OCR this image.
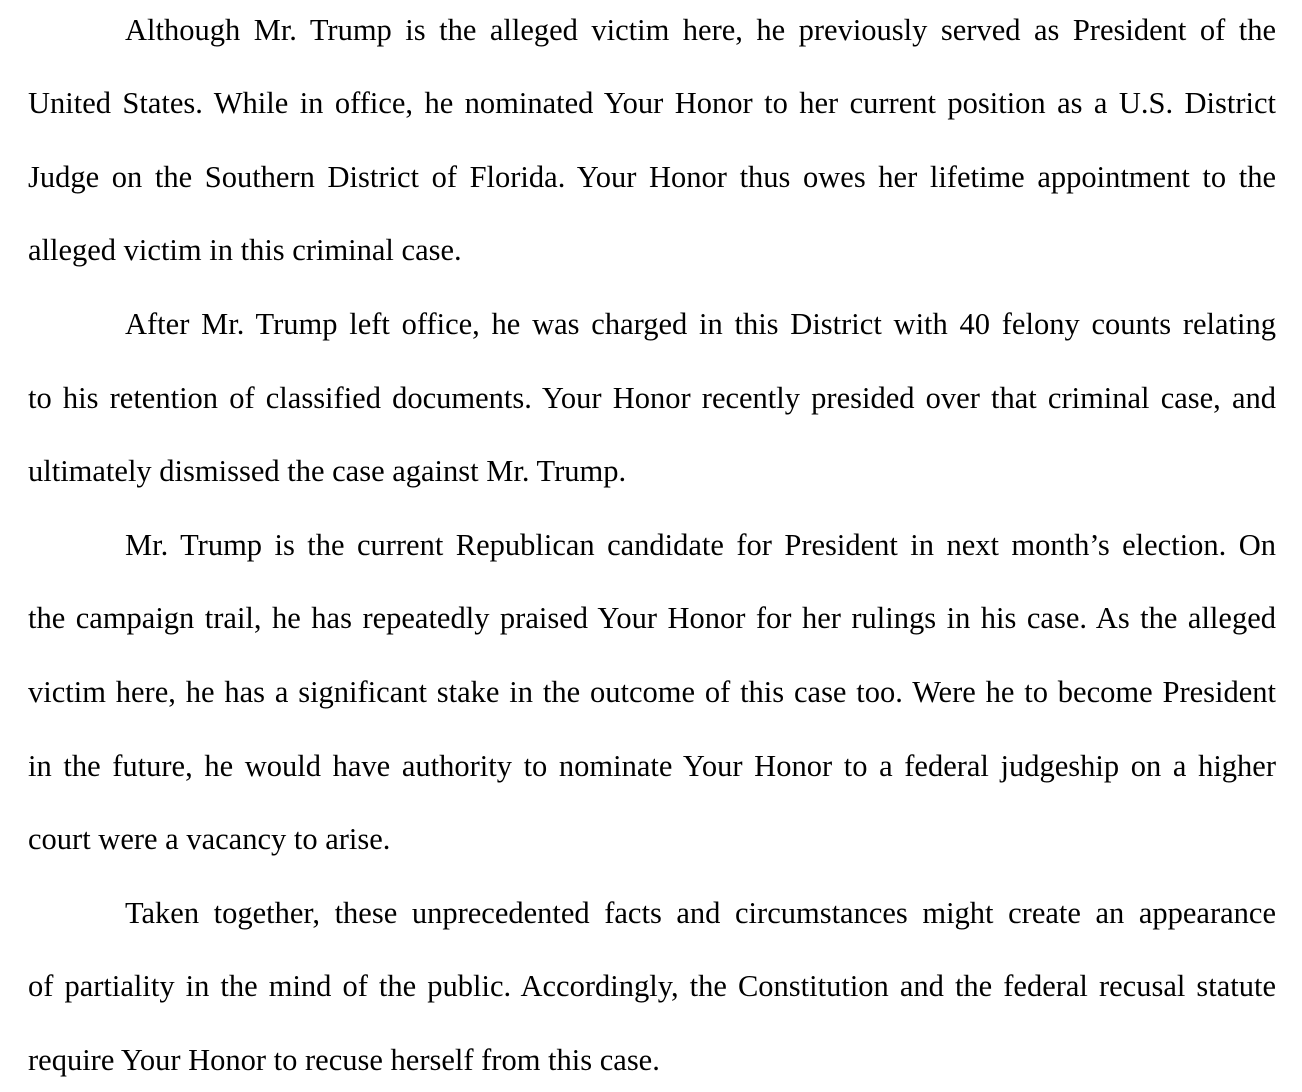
Although Mr. Trump is the alleged victim here, he previously served as President of the
United States. While in office, he nominated Your Honor to her current position as a U.S. District
Judge on the Southern District of Florida. Your Honor thus owes her lifetime appointment to the
alleged victim in this criminal case.
After Mr. Trump left office, he was charged in this District with 40 felony counts relating
to his retention of classified documents. Your Honor recently presided over that criminal case, and
ultimately dismissed the case against Mr. Trump.
Mr. Trump is the current Republican candidate for President in next month’s election. On
the campaign trail, he has repeatedly praised Your Honor for her rulings in his case. As the alleged
victim here, he has a significant stake in the outcome of this case too. Were he to become President
in the future, he would have authority to nominate Your Honor to a federal judgeship on a higher
court were a vacancy to arise.
Taken together, these unprecedented facts and circumstances might create an appearance
of partiality in the mind of the public. Accordingly, the Constitution and the federal recusal statute
require Your Honor to recuse herself from this case.
